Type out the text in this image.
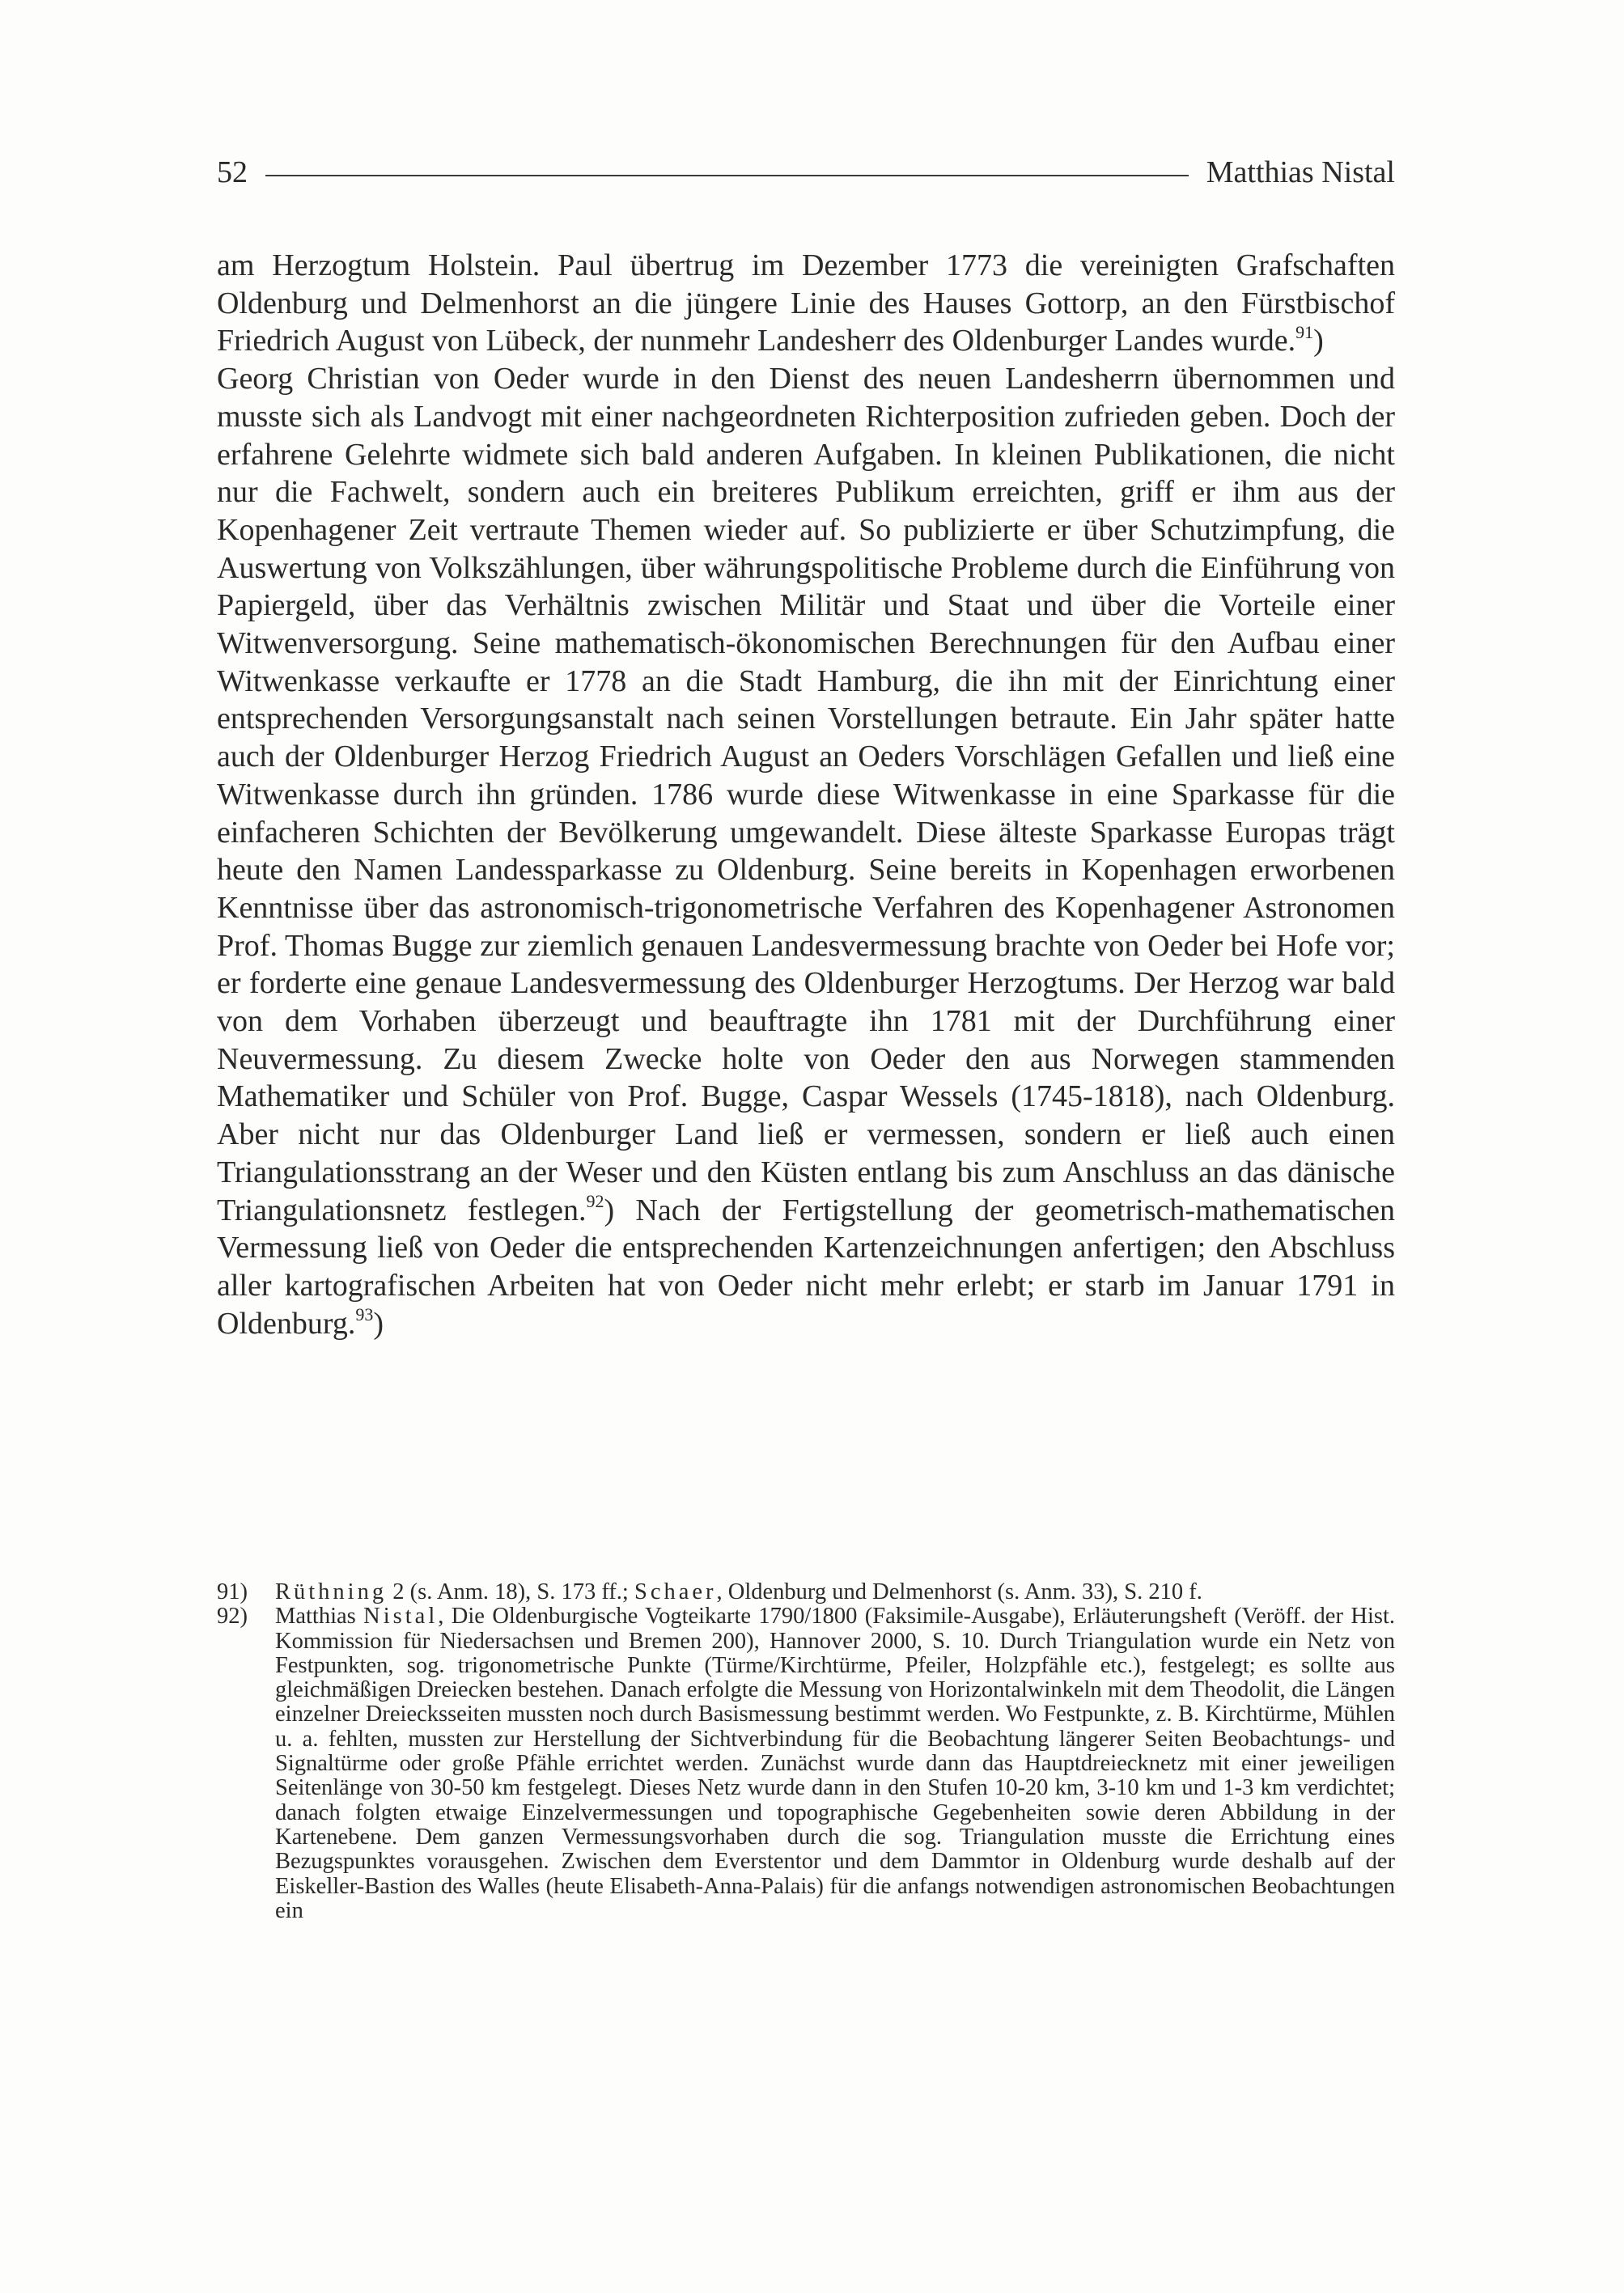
52	Matthias Nistal

am Herzogtum Holstein. Paul übertrug im Dezember 1773 die vereinigten Grafschaften Oldenburg und Delmenhorst an die jüngere Linie des Hauses Gottorp, an den Fürstbischof Friedrich August von Lübeck, der nunmehr Landesherr des Oldenburger Landes wurde.$^{91}$)

Georg Christian von Oeder wurde in den Dienst des neuen Landesherrn übernommen und musste sich als Landvogt mit einer nachgeordneten Richterposition zufrieden geben. Doch der erfahrene Gelehrte widmete sich bald anderen Aufgaben. In kleinen Publikationen, die nicht nur die Fachwelt, sondern auch ein breiteres Publikum erreichten, griff er ihm aus der Kopenhagener Zeit vertraute Themen wieder auf. So publizierte er über Schutzimpfung, die Auswertung von Volkszählungen, über währungspolitische Probleme durch die Einführung von Papiergeld, über das Verhältnis zwischen Militär und Staat und über die Vorteile einer Witwenversorgung. Seine mathematisch-ökonomischen Berechnungen für den Aufbau einer Witwenkasse verkaufte er 1778 an die Stadt Hamburg, die ihn mit der Einrichtung einer entsprechenden Versorgungsanstalt nach seinen Vorstellungen betraute. Ein Jahr später hatte auch der Oldenburger Herzog Friedrich August an Oeders Vorschlägen Gefallen und ließ eine Witwenkasse durch ihn gründen. 1786 wurde diese Witwenkasse in eine Sparkasse für die einfacheren Schichten der Bevölkerung umgewandelt. Diese älteste Sparkasse Europas trägt heute den Namen Landessparkasse zu Oldenburg. Seine bereits in Kopenhagen erworbenen Kenntnisse über das astronomisch-trigonometrische Verfahren des Kopenhagener Astronomen Prof. Thomas Bugge zur ziemlich genauen Landesvermessung brachte von Oeder bei Hofe vor; er forderte eine genaue Landesvermessung des Oldenburger Herzogtums. Der Herzog war bald von dem Vorhaben überzeugt und beauftragte ihn 1781 mit der Durchführung einer Neuvermessung. Zu diesem Zwecke holte von Oeder den aus Norwegen stammenden Mathematiker und Schüler von Prof. Bugge, Caspar Wessels (1745-1818), nach Oldenburg. Aber nicht nur das Oldenburger Land ließ er vermessen, sondern er ließ auch einen Triangulationsstrang an der Weser und den Küsten entlang bis zum Anschluss an das dänische Triangulationsnetz festlegen.$^{92}$) Nach der Fertigstellung der geometrisch-mathematischen Vermessung ließ von Oeder die entsprechenden Kartenzeichnungen anfertigen; den Abschluss aller kartografischen Arbeiten hat von Oeder nicht mehr erlebt; er starb im Januar 1791 in Oldenburg.$^{93}$)

91)	Rüthning 2 (s. Anm. 18), S. 173 ff.; Schaer, Oldenburg und Delmenhorst (s. Anm. 33), S. 210 f.
92)	Matthias Nistal, Die Oldenburgische Vogteikarte 1790/1800 (Faksimile-Ausgabe), Erläuterungsheft (Veröff. der Hist. Kommission für Niedersachsen und Bremen 200), Hannover 2000, S. 10. Durch Triangulation wurde ein Netz von Festpunkten, sog. trigonometrische Punkte (Türme/Kirchtürme, Pfeiler, Holzpfähle etc.), festgelegt; es sollte aus gleichmäßigen Dreiecken bestehen. Danach erfolgte die Messung von Horizontalwinkeln mit dem Theodolit, die Längen einzelner Dreiecksseiten mussten noch durch Basismessung bestimmt werden. Wo Festpunkte, z. B. Kirchtürme, Mühlen u. a. fehlten, mussten zur Herstellung der Sichtverbindung für die Beobachtung längerer Seiten Beobachtungs- und Signaltürme oder große Pfähle errichtet werden. Zunächst wurde dann das Hauptdreiecknetz mit einer jeweiligen Seitenlänge von 30-50 km festgelegt. Dieses Netz wurde dann in den Stufen 10-20 km, 3-10 km und 1-3 km verdichtet; danach folgten etwaige Einzelvermessungen und topographische Gegebenheiten sowie deren Abbildung in der Kartenebene. Dem ganzen Vermessungsvorhaben durch die sog. Triangulation musste die Errichtung eines Bezugspunktes vorausgehen. Zwischen dem Everstentor und dem Dammtor in Oldenburg wurde deshalb auf der Eiskeller-Bastion des Walles (heute Elisabeth-Anna-Palais) für die anfangs notwendigen astronomischen Beobachtungen ein
